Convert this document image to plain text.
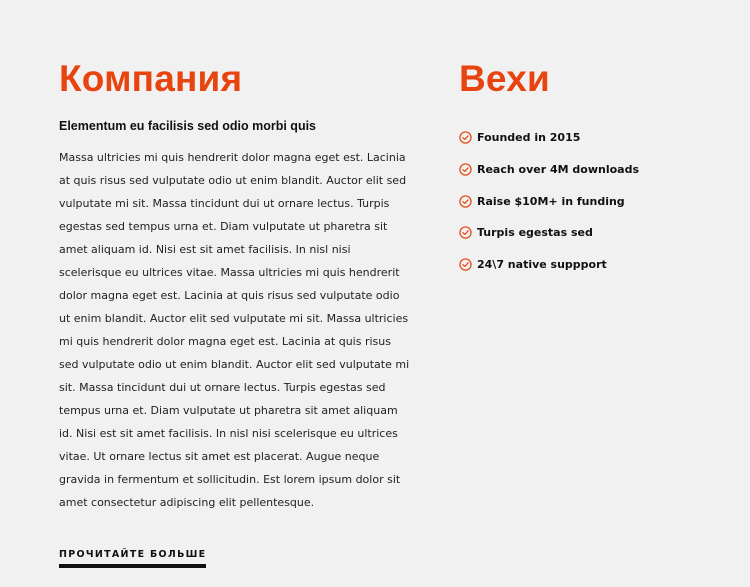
Компания
Elementum eu facilisis sed odio morbi quis

Massa ultricies mi quis hendrerit dolor magna eget est. Lacinia at quis risus sed vulputate odio ut enim blandit. Auctor elit sed vulputate mi sit. Massa tincidunt dui ut ornare lectus. Turpis egestas sed tempus urna et. Diam vulputate ut pharetra sit amet aliquam id. Nisi est sit amet facilisis. In nisl nisi scelerisque eu ultrices vitae. Massa ultricies mi quis hendrerit dolor magna eget est. Lacinia at quis risus sed vulputate odio ut enim blandit. Auctor elit sed vulputate mi sit. Massa ultricies mi quis hendrerit dolor magna eget est. Lacinia at quis risus sed vulputate odio ut enim blandit. Auctor elit sed vulputate mi sit. Massa tincidunt dui ut ornare lectus. Turpis egestas sed tempus urna et. Diam vulputate ut pharetra sit amet aliquam id. Nisi est sit amet facilisis. In nisl nisi scelerisque eu ultrices vitae. Ut ornare lectus sit amet est placerat. Augue neque gravida in fermentum et sollicitudin. Est lorem ipsum dolor sit amet consectetur adipiscing elit pellentesque.

ПРОЧИТАЙТЕ БОЛЬШЕ
Вехи
Founded in 2015
Reach over 4M downloads
Raise $10M+ in funding
Turpis egestas sed
24\7 native suppport
